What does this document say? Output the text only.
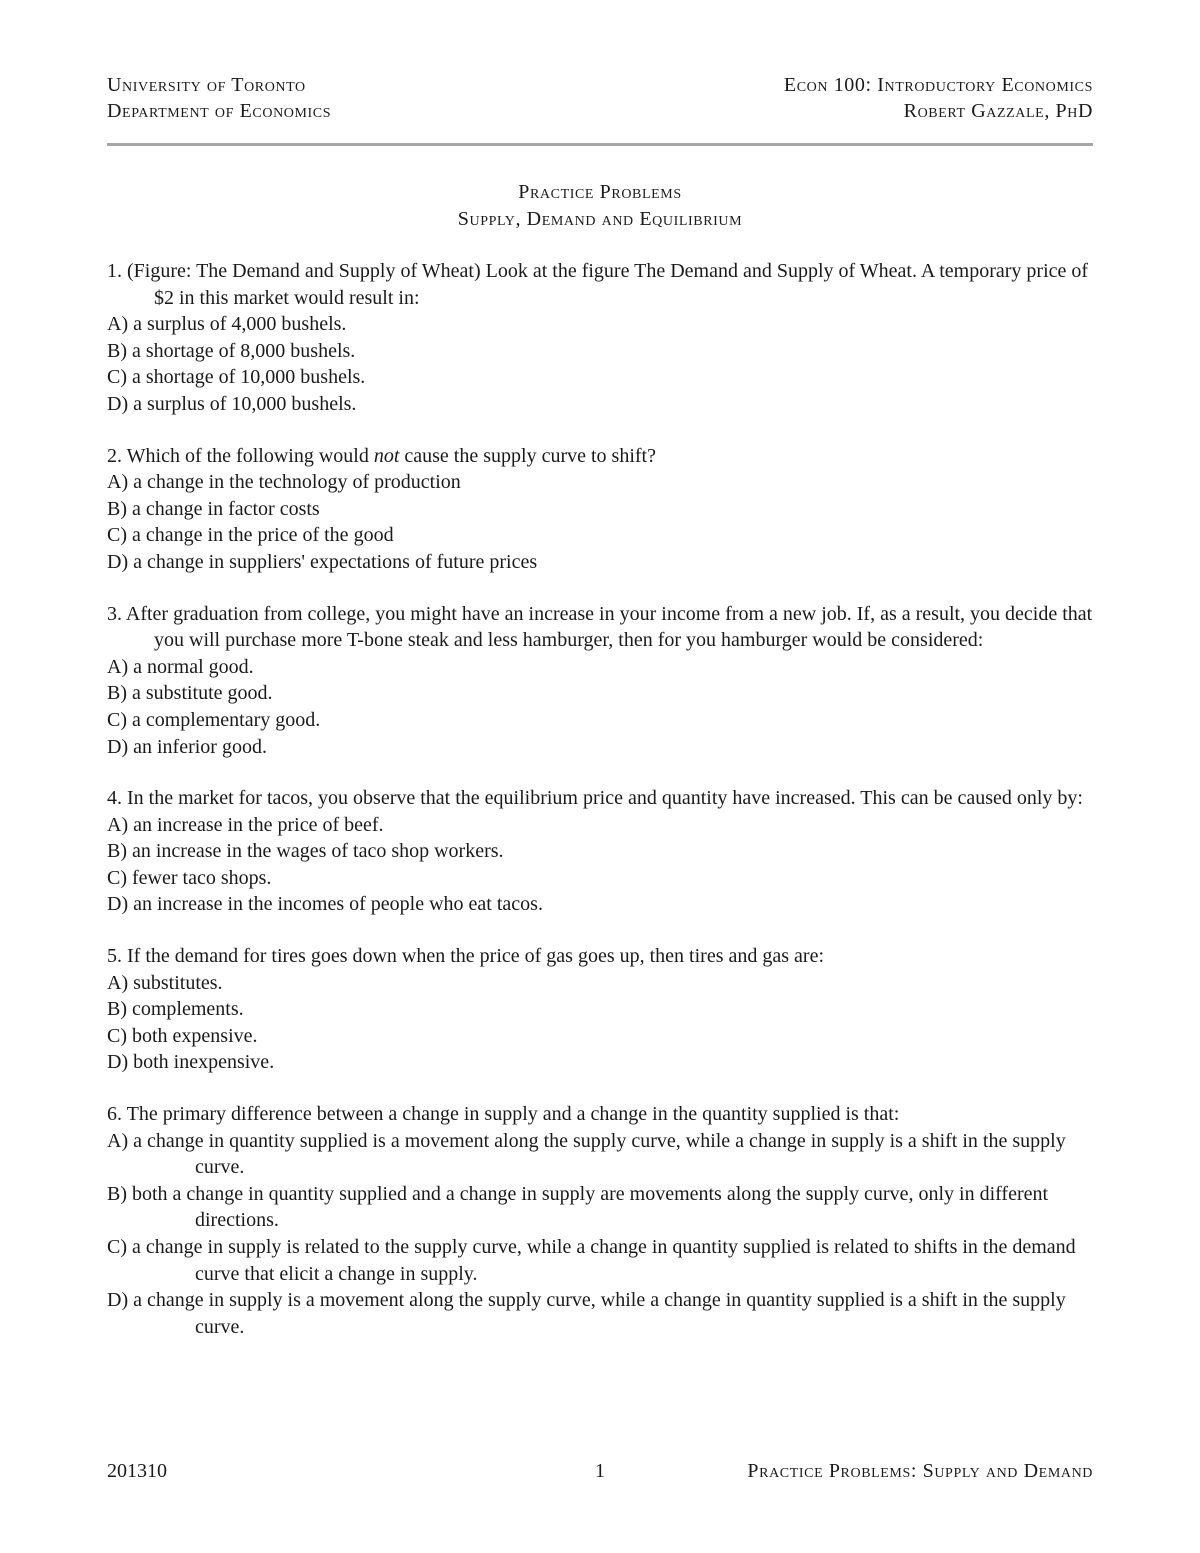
University of Toronto
Department of Economics
Econ 100: Introductory Economics
Robert Gazzale, PhD
Practice Problems
Supply, Demand and Equilibrium
1. (Figure: The Demand and Supply of Wheat) Look at the figure The Demand and Supply of Wheat. A temporary price of $2 in this market would result in:
A) a surplus of 4,000 bushels.
B) a shortage of 8,000 bushels.
C) a shortage of 10,000 bushels.
D) a surplus of 10,000 bushels.
2. Which of the following would not cause the supply curve to shift?
A) a change in the technology of production
B) a change in factor costs
C) a change in the price of the good
D) a change in suppliers' expectations of future prices
3. After graduation from college, you might have an increase in your income from a new job. If, as a result, you decide that you will purchase more T-bone steak and less hamburger, then for you hamburger would be considered:
A) a normal good.
B) a substitute good.
C) a complementary good.
D) an inferior good.
4. In the market for tacos, you observe that the equilibrium price and quantity have increased. This can be caused only by:
A) an increase in the price of beef.
B) an increase in the wages of taco shop workers.
C) fewer taco shops.
D) an increase in the incomes of people who eat tacos.
5. If the demand for tires goes down when the price of gas goes up, then tires and gas are:
A) substitutes.
B) complements.
C) both expensive.
D) both inexpensive.
6. The primary difference between a change in supply and a change in the quantity supplied is that:
A) a change in quantity supplied is a movement along the supply curve, while a change in supply is a shift in the supply curve.
B) both a change in quantity supplied and a change in supply are movements along the supply curve, only in different directions.
C) a change in supply is related to the supply curve, while a change in quantity supplied is related to shifts in the demand curve that elicit a change in supply.
D) a change in supply is a movement along the supply curve, while a change in quantity supplied is a shift in the supply curve.
201310	1	Practice Problems: Supply and Demand
